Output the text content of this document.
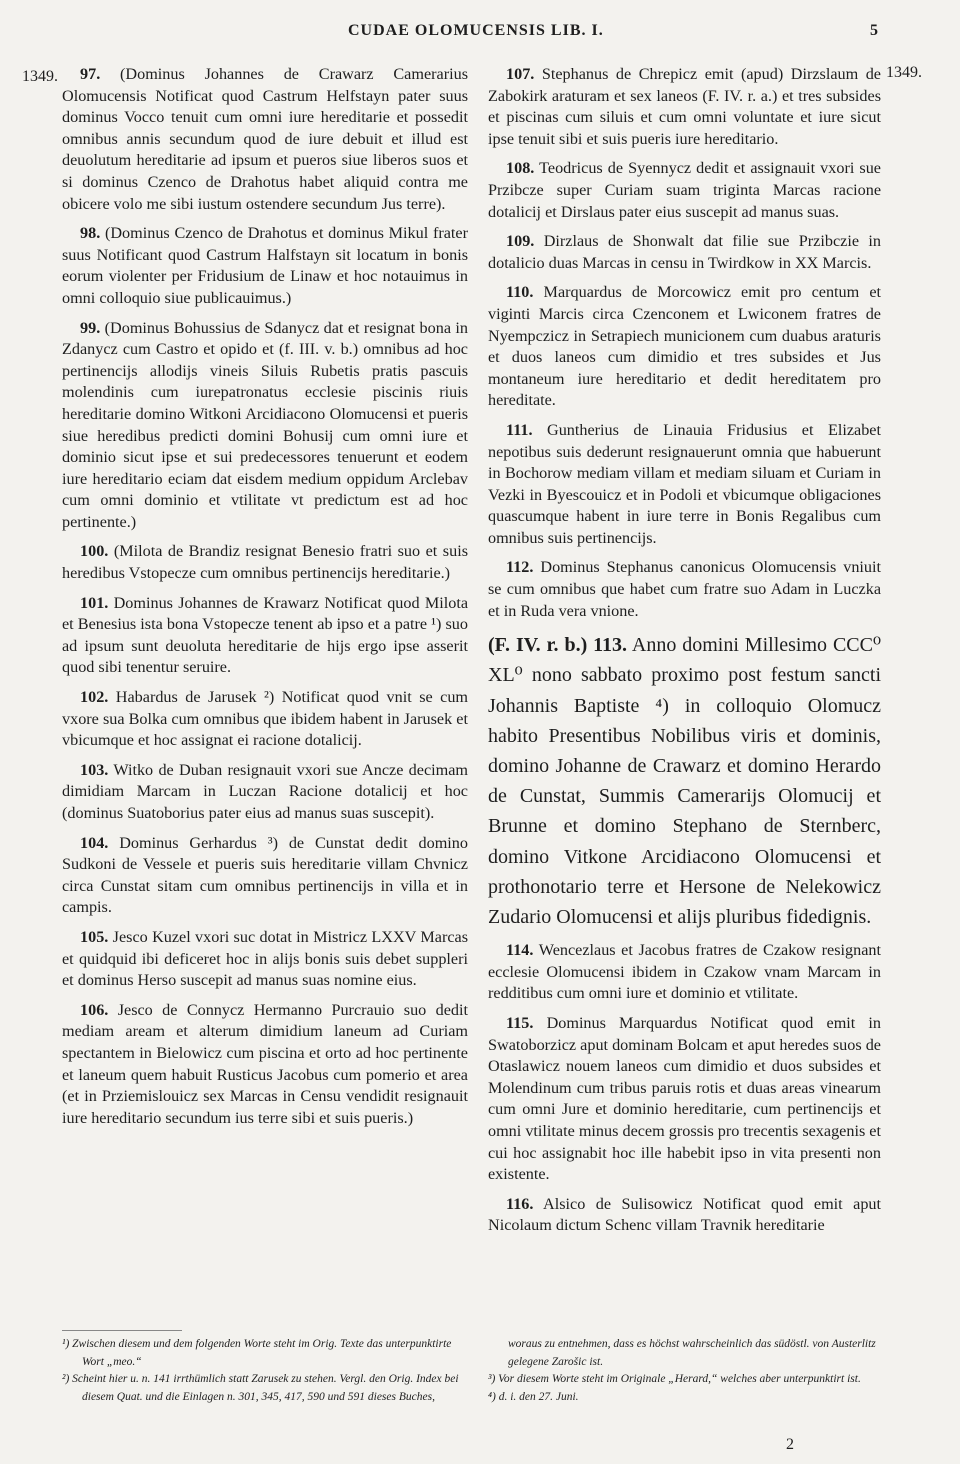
CUDAE OLOMUCENSIS LIB. I.	5
1349.	1349.

97. (Dominus Johannes de Crawarz Camerarius Olomucensis Notificat quod Castrum Helfstayn pater suus dominus Vocco tenuit cum omni iure hereditarie et possedit omnibus annis secundum quod de iure debuit et illud est deuolutum hereditarie ad ipsum et pueros siue liberos suos et si dominus Czenco de Drahotus habet aliquid contra me obicere volo me sibi iustum ostendere secundum Jus terre).

98. (Dominus Czenco de Drahotus et dominus Mikul frater suus Notificant quod Castrum Halfstayn sit locatum in bonis eorum violenter per Fridusium de Linaw et hoc notauimus in omni colloquio siue publicauimus.)

99. (Dominus Bohussius de Sdanycz dat et resignat bona in Zdanycz cum Castro et opido et (f. III. v. b.) omnibus ad hoc pertinencijs allodijs vineis Siluis Rubetis pratis pascuis molendinis cum iurepatronatus ecclesie piscinis riuis hereditarie domino Witkoni Arcidiacono Olomucensi et pueris siue heredibus predicti domini Bohusij cum omni iure et dominio sicut ipse et sui predecessores tenuerunt et eodem iure hereditario eciam dat eisdem medium oppidum Arclebav cum omni dominio et vtilitate vt predictum est ad hoc pertinente.)

100. (Milota de Brandiz resignat Benesio fratri suo et suis heredibus Vstopecze cum omnibus pertinencijs hereditarie.)

101. Dominus Johannes de Krawarz Notificat quod Milota et Benesius ista bona Vstopecze tenent ab ipso et a patre ¹) suo ad ipsum sunt deuoluta hereditarie de hijs ergo ipse asserit quod sibi tenentur seruire.

102. Habardus de Jarusek ²) Notificat quod vnit se cum vxore sua Bolka cum omnibus que ibidem habent in Jarusek et vbicumque et hoc assignat ei racione dotalicij.

103. Witko de Duban resignauit vxori sue Ancze decimam dimidiam Marcam in Luczan Racione dotalicij et hoc (dominus Suatoborius pater eius ad manus suas suscepit).

104. Dominus Gerhardus ³) de Cunstat dedit domino Sudkoni de Vessele et pueris suis hereditarie villam Chvnicz circa Cunstat sitam cum omnibus pertinencijs in villa et in campis.

105. Jesco Kuzel vxori suc dotat in Mistricz LXXV Marcas et quidquid ibi deficeret hoc in alijs bonis suis debet suppleri et dominus Herso suscepit ad manus suas nomine eius.

106. Jesco de Connycz Hermanno Purcrauio suo dedit mediam aream et alterum dimidium laneum ad Curiam spectantem in Bielowicz cum piscina et orto ad hoc pertinente et laneum quem habuit Rusticus Jacobus cum pomerio et area (et in Prziemislouicz sex Marcas in Censu vendidit resignauit iure hereditario secundum ius terre sibi et suis pueris.)

107. Stephanus de Chrepicz emit (apud) Dirzslaum de Zabokirk araturam et sex laneos (F. IV. r. a.) et tres subsides et piscinas cum siluis et cum omni voluntate et iure sicut ipse tenuit sibi et suis pueris iure hereditario.

108. Teodricus de Syennycz dedit et assignauit vxori sue Przibcze super Curiam suam triginta Marcas racione dotalicij et Dirslaus pater eius suscepit ad manus suas.

109. Dirzlaus de Shonwalt dat filie sue Przibczie in dotalicio duas Marcas in censu in Twirdkow in XX Marcis.

110. Marquardus de Morcowicz emit pro centum et viginti Marcis circa Czenconem et Lwiconem fratres de Nyempczicz in Setrapiech municionem cum duabus araturis et duos laneos cum dimidio et tres subsides et Jus montaneum iure hereditario et dedit hereditatem pro hereditate.

111. Guntherius de Linauia Fridusius et Elizabet nepotibus suis dederunt resignauerunt omnia que habuerunt in Bochorow mediam villam et mediam siluam et Curiam in Vezki in Byescouicz et in Podoli et vbicumque obligaciones quascumque habent in iure terre in Bonis Regalibus cum omnibus suis pertinencijs.

112. Dominus Stephanus canonicus Olomucensis vniuit se cum omnibus que habet cum fratre suo Adam in Luczka et in Ruda vera vnione.

(F. IV. r. b.) 113. Anno domini Millesimo CCC⁰ XL⁰ nono sabbato proximo post festum sancti Johannis Baptiste ⁴) in colloquio Olomucz habito Presentibus Nobilibus viris et dominis, domino Johanne de Crawarz et domino Herardo de Cunstat, Summis Camerarijs Olomucij et Brunne et domino Stephano de Sternberc, domino Vitkone Arcidiacono Olomucensi et prothonotario terre et Hersone de Nelekowicz Zudario Olomucensi et alijs pluribus fidedignis.

114. Wencezlaus et Jacobus fratres de Czakow resignant ecclesie Olomucensi ibidem in Czakow vnam Marcam in redditibus cum omni iure et dominio et vtilitate.

115. Dominus Marquardus Notificat quod emit in Swatoborzicz aput dominam Bolcam et aput heredes suos de Otaslawicz nouem laneos cum dimidio et duos subsides et Molendinum cum tribus paruis rotis et duas areas vinearum cum omni Jure et dominio hereditarie, cum pertinencijs et omni vtilitate minus decem grossis pro trecentis sexagenis et cui hoc assignabit hoc ille habebit ipso in vita presenti non existente.

116. Alsico de Sulisowicz Notificat quod emit aput Nicolaum dictum Schenc villam Travnik hereditarie

¹) Zwischen diesem und dem folgenden Worte steht im Orig. Texte das unterpunktirte Wort „meo.“

²) Scheint hier u. n. 141 irrthümlich statt Zarusek zu stehen. Vergl. den Orig. Index bei diesem Quat. und die Einlagen n. 301, 345, 417, 590 und 591 dieses Buches,

woraus zu entnehmen, dass es höchst wahrscheinlich das südöstl. von Austerlitz gelegene Zarošic ist.

³) Vor diesem Worte steht im Originale „Herard,“ welches aber unterpunktirt ist.

⁴) d. i. den 27. Juni.

2
